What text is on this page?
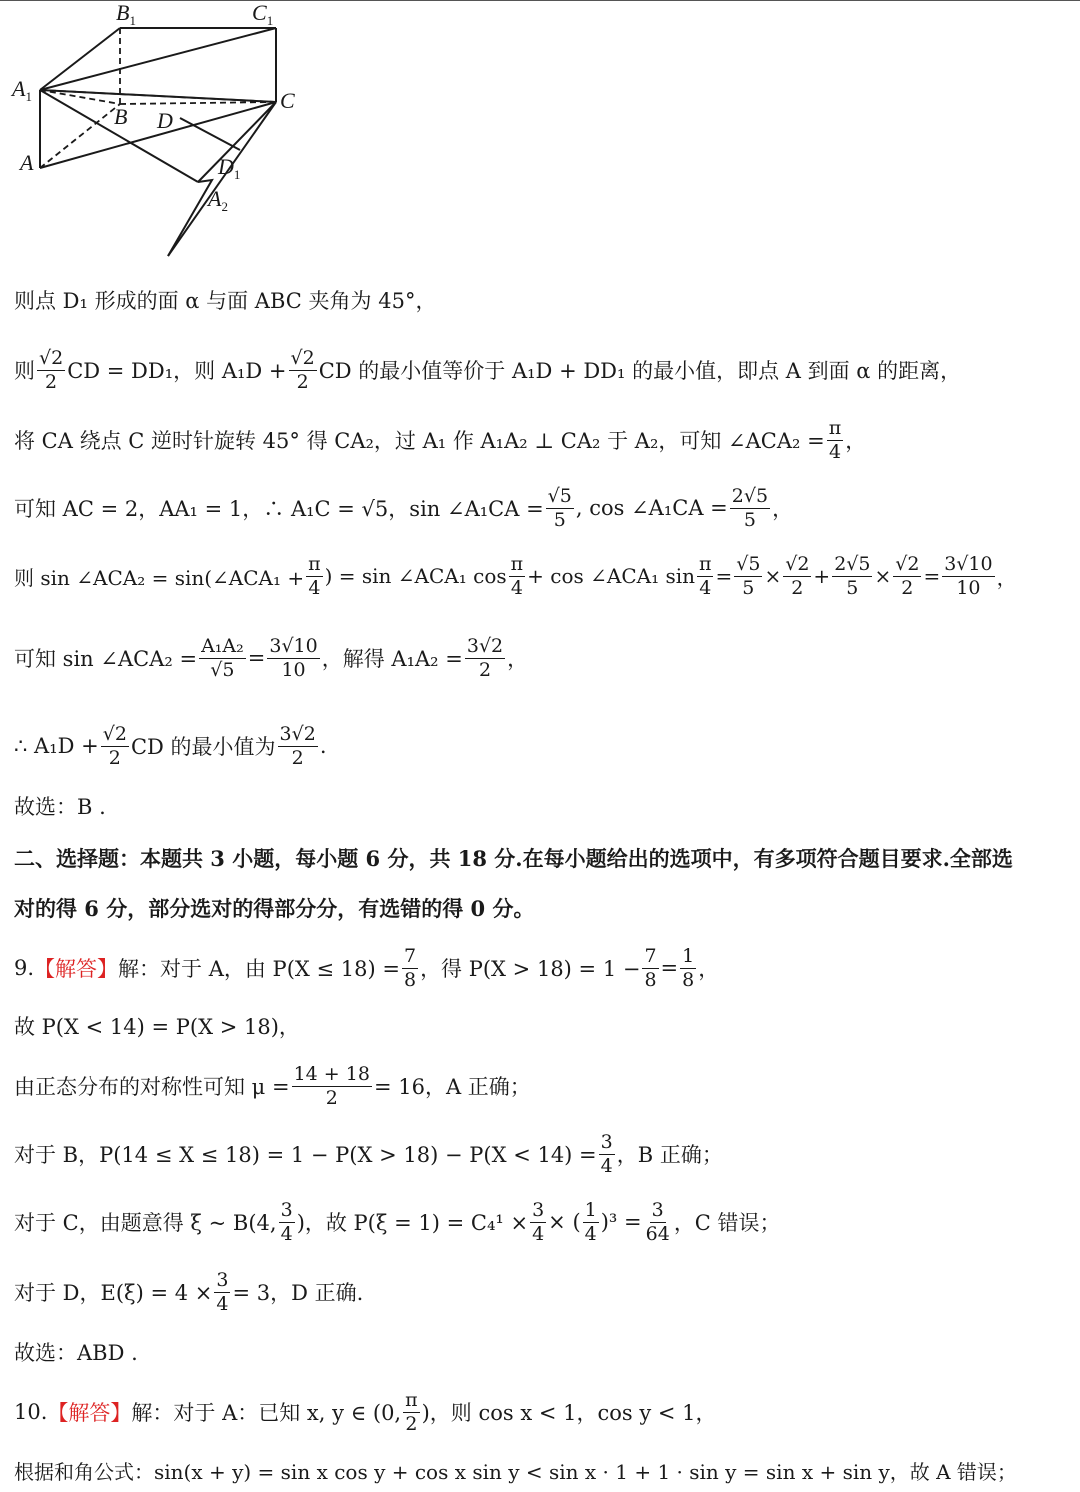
$B_1$	$C_1$
$A_1$	C
B D
A	$D_1$
$A_2$
则点 D₁ 形成的面 α 与面 ABC 夹角为 45°，
则 $\frac{√2}{2}$ CD = DD₁，则 $A_1D + \frac{√2}{2}$ CD 的最小值等价于 A₁D + DD₁ 的最小值，即点 A 到面 α 的距离，
将 CA 绕点 C 逆时针旋转 45° 得 CA₂，过 A₁ 作 A₁A₂ ⊥ CA₂ 于 A₂，可知 ∠ACA₂ = $\frac{\pi}{4}$ ，
可知 AC = 2，AA₁ = 1，∴ A₁C = √5，sin ∠A₁CA = $\frac{√5}{5}$ , cos ∠A₁CA = $\frac{2√5}{5}$ ，
则 sin ∠ACA₂ = sin(∠ACA₁ + $\frac{\pi}{4}$ ) = sin ∠ACA₁ $\cos \frac{\pi}{4} + \cos$ ∠ACA₁ $\sin \frac{\pi}{4} = \frac{√5}{5} \times \frac{√2}{2} + \frac{2√5}{5} \times \frac{√2}{2} = \frac{3√10}{10}$ ，
可知 sin ∠ACA₂ = $\frac{\text{A₁A₂}}{√5} = \frac{3√10}{10}$ ，解得 $A_1A_2 = \frac{3√2}{2}$ ，
∴ $A_1D + \frac{√2}{2}$ CD 的最小值为 $\frac{3√2}{2}$ .
故选：B .
二、选择题：本题共 3 小题，每小题 6 分，共 18 分.在每小题给出的选项中，有多项符合题目要求.全部选
对的得 6 分，部分选对的得部分分，有选错的得 0 分。
9. 【解答】 解：对于 A，由 $P(X \le 18) = \frac{7}{8}$ ，得 $P(X > 18) = 1 - \frac{7}{8} = \frac{1}{8}$ ，
故 P(X < 14) = P(X > 18)，
由正态分布的对称性可知 $\mu = \frac{14 + 18}{2} = 16$，A 正确；
对于 B，$P(14 \le X \le 18) = 1 - P(X > 18) - P(X < 14) = \frac{3}{4}$ ，B 正确；
对于 C，由题意得 ξ ~ B(4, $\frac{3}{4}$ )，故 $P(\xi = 1) = C_4^1 \times \frac{3}{4}$ × ( $\frac{1}{4} )^3 = \frac{3}{64}$ ，C 错误；
对于 D，$E(\xi) = 4 \times \frac{3}{4} = 3$，D 正确.
故选：ABD .
10. 【解答】 解：对于 A：已知 x, y ∈ (0, $\frac{\pi}{2}$ )，则 cos x < 1，cos y < 1，
根据和角公式：sin(x + y) = sin x cos y + cos x sin y < sin x · 1 + 1 · sin y = sin x + sin y，故 A 错误；
